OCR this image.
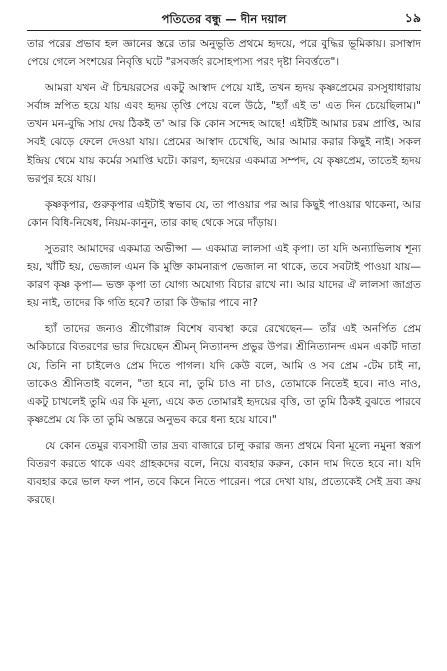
পতিতের বন্ধু — দীন দয়াল	১৯

তার পরের প্রভাব হল জ্ঞানের স্তরে তার অনুভূতি প্রথমে হৃদয়ে, পরে বুদ্ধির ভূমিকায়। রসাস্বাদ পেয়ে গেলে সংশয়ের নিবৃত্তি ঘটে "রসবর্জং রসোহপ্যস্য পরং দৃষ্টা নিবর্ত্ততে"।

আমরা যখন ঐ চিন্ময়রসের একটু আস্বাদ পেয়ে যাই, তখন হৃদয় কৃষ্ণপ্রেমের রসসুধাধারায় সর্বাঙ্গ স্নপিত হয়ে যায় এবং হৃদয় তৃপ্তি পেয়ে বলে উঠে, "হ্যাঁ এই ত' এত দিন চেয়েছিলাম।" তখন মন-বুদ্ধি সায় দেয় ঠিকই ত' আর কি কোন সন্দেহ আছে! এইটিই আমার চরম প্রাপ্তি, আর সবই ঝেড়ে ফেলে দেওয়া যায়। প্রেমের আস্বাদ চেখেছি, আর আমার করার কিছুই নাই। সকল ইন্দ্রিয় থেমে যায় কর্মের সমাপ্তি ঘটে। কারণ, হৃদয়ের একমাত্র সম্পদ, যে কৃষ্ণপ্রেম, তাতেই হৃদয় ভরপুর হয়ে যায়।

কৃষ্ণকৃপার, গুরুকৃপার এইটাই স্বভাব যে, তা পাওয়ার পর আর কিছুই পাওয়ার থাকেনা, আর কোন বিধি-নিষেধ, নিয়ম-কানুন, তার কাছ থেকে সরে দাঁড়ায়।

সুতরাং আমাদের একমাত্র অভীপ্সা — একমাত্র লালসা এই কৃপা। তা যদি অন্যাভিলাষ শূন্য হয়, খাঁটি হয়, ভেজাল এমন কি মুক্তি কামনারূপ ভেজাল না থাকে, তবে সবটাই পাওয়া যায়— কারণ কৃষ্ণ কৃপা— ভক্ত কৃপা তা যোগ্য অযোগ্য বিচার রাখে না। আর যাদের ঐ লালসা জাগ্রত হয় নাই, তাদের কি গতি হবে? তারা কি উদ্ধার পাবে না?

হ্যাঁ তাদের জন্যও শ্রীগৌরাঙ্গ বিশেষ ব্যবস্থা করে রেখেছেন— তাঁর এই অনর্পিত প্রেম অকিচারে বিতরণের ভার দিয়েছেন শ্রীমন্ নিত্যানন্দ প্রভুর উপর। শ্রীনিত্যানন্দ এমন একটি দাতা যে, তিনি না চাইলেও প্রেম দিতে পাগল। যদি কেউ বলে, আমি ও সব প্রেম -টেম চাই না, তাকেও শ্রীনিতাই বলেন, "তা হবে না, তুমি চাও না চাও, তোমাকে নিতেই হবে। নাও নাও, একটু চাখলেই তুমি এর কি মূল্য, এযে কত তোমারই হৃদয়ের বৃত্তি, তা তুমি ঠিকই বুঝতে পারবে কৃষ্ণপ্রেম যে কি তা তুমি অন্তরে অনুভব করে ধন্য হয়ে যাবে।"

যে কোন তেমুর ব্যবসায়ী তার দ্রব্য বাজারে চালু করার জন্য প্রথমে বিনা মূল্যে নমুনা স্বরূপ বিতরণ করতে থাকে এবং গ্রাহকদের বলে, নিয়ে ব্যবহার করুন, কোন দাম দিতে হবে না। যদি ব্যবহার করে ভাল ফল পান, তবে কিনে নিতে পারেন। পরে দেখা যায়, প্রত্যেকেই সেই দ্রব্য ক্রয় করছে।
